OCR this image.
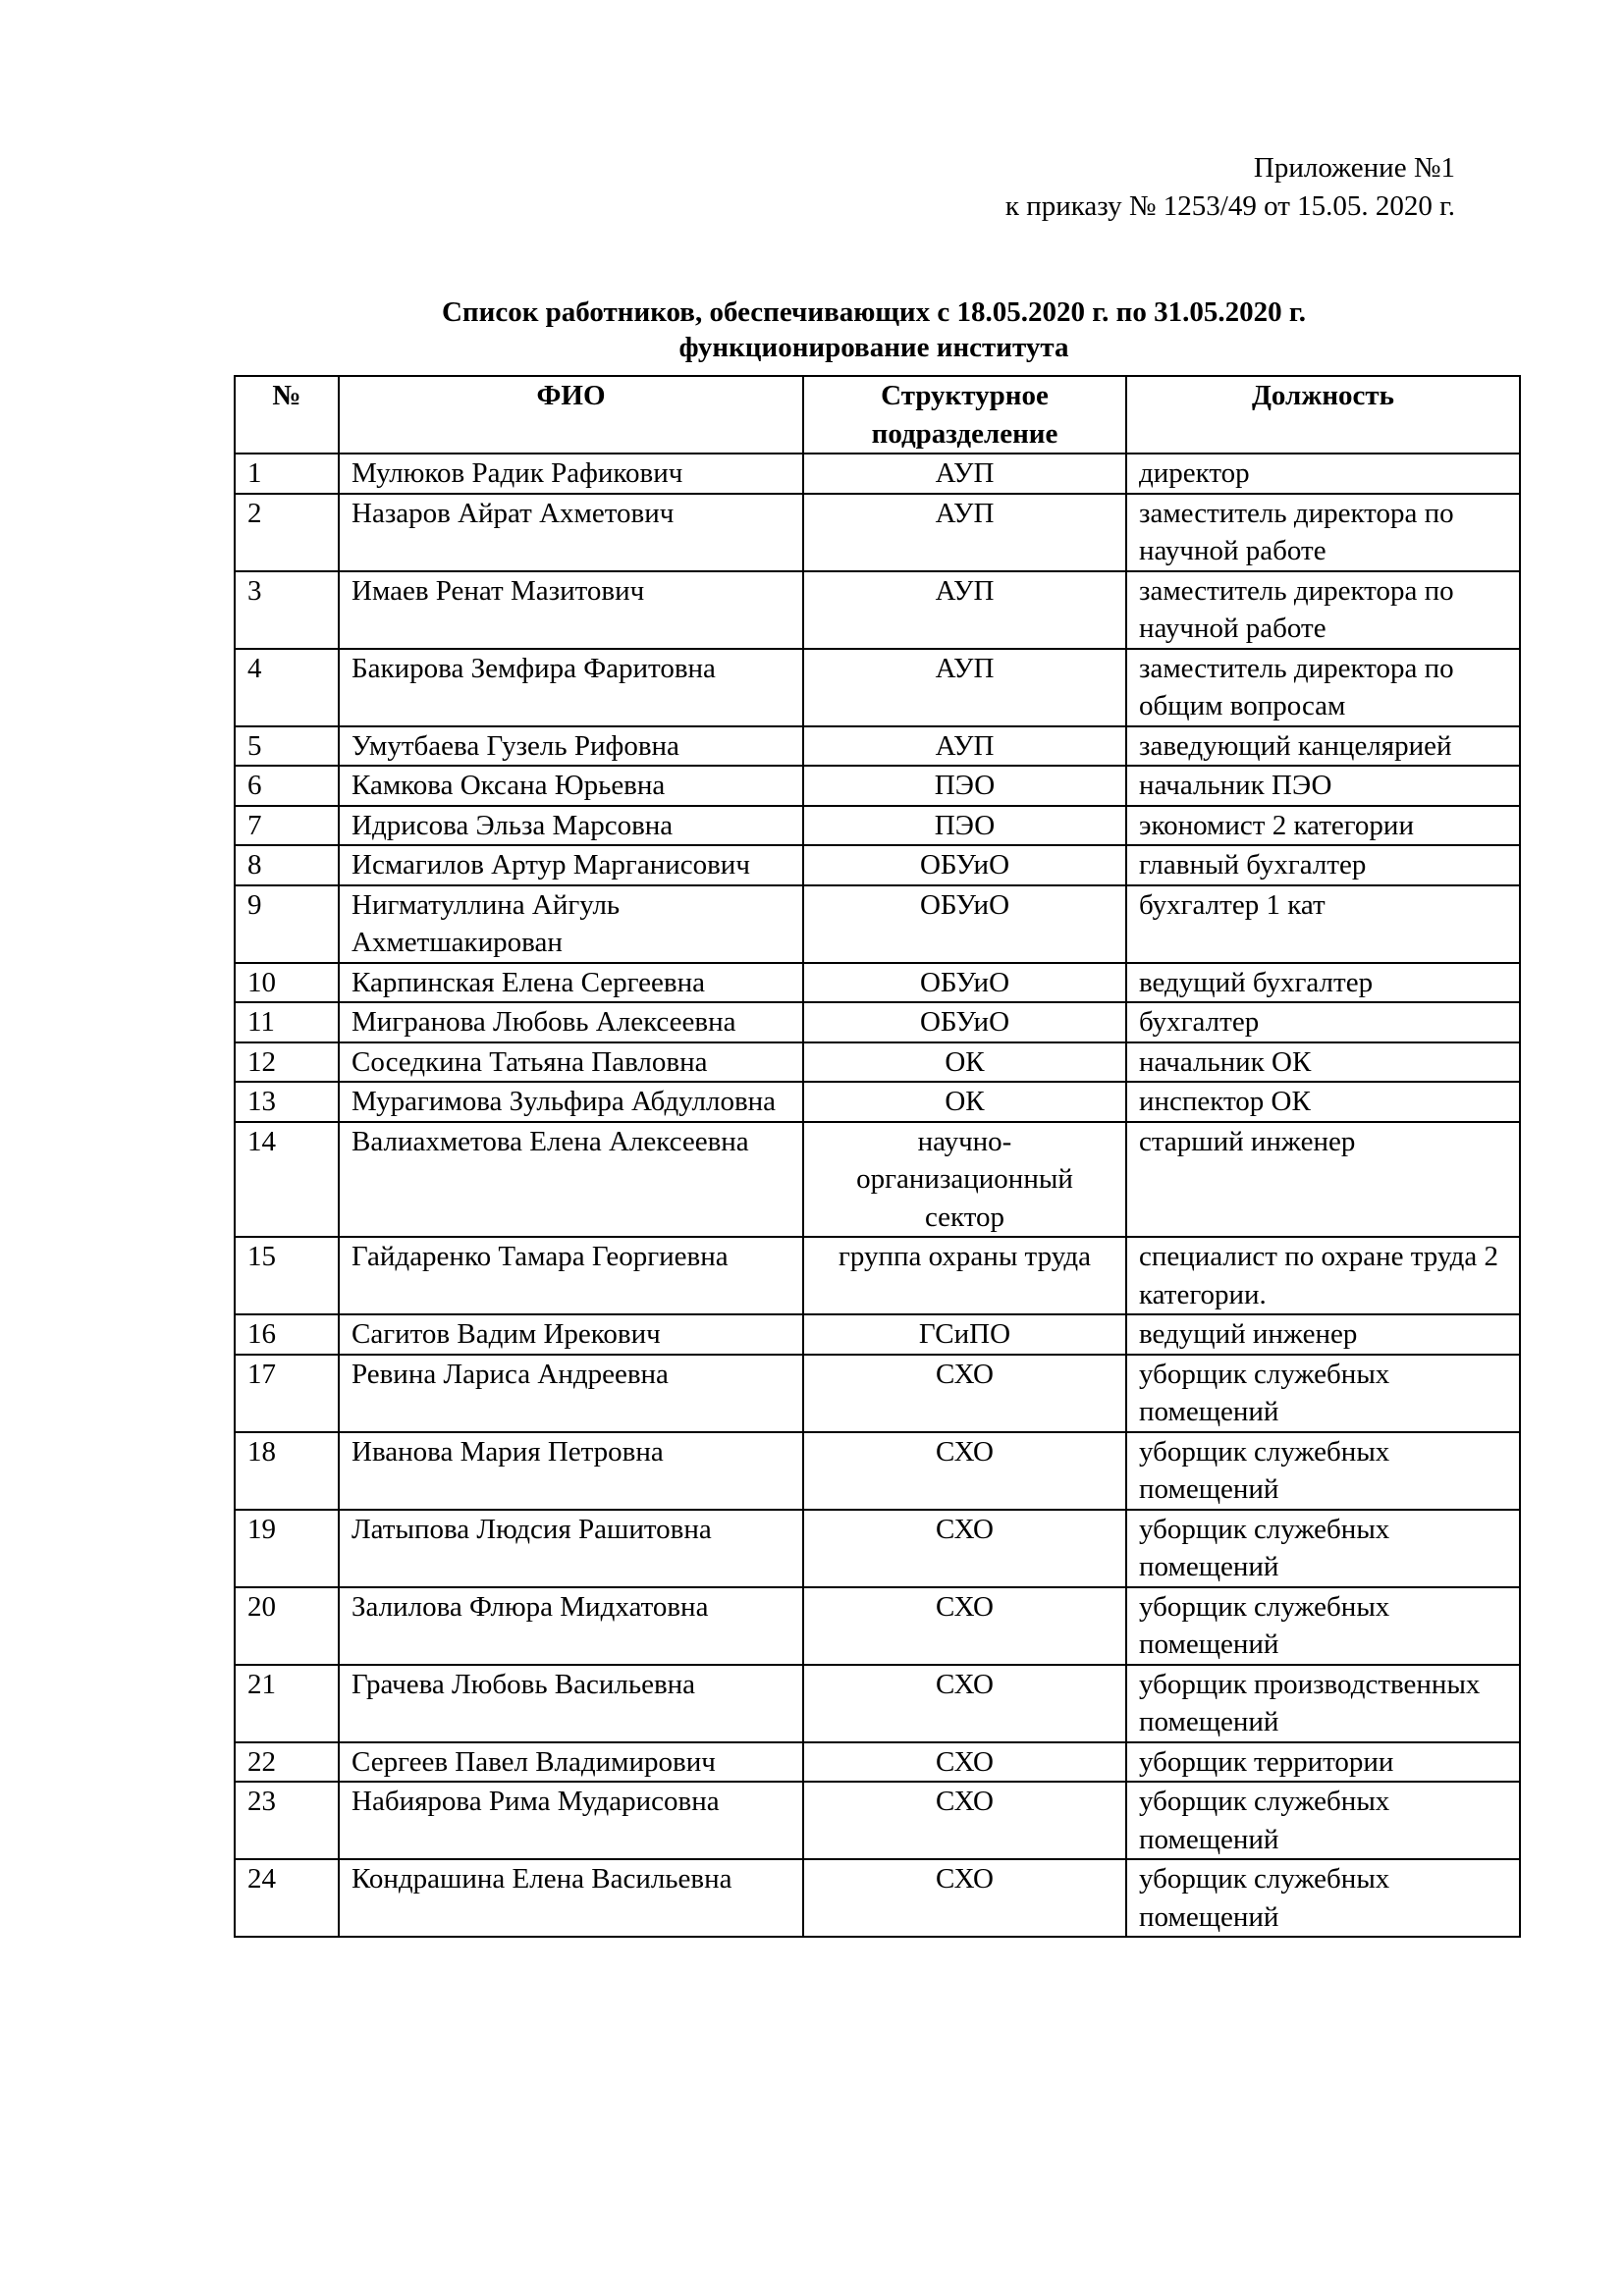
Приложение №1
к приказу № 1253/49 от 15.05. 2020 г.
Список работников, обеспечивающих с 18.05.2020 г. по 31.05.2020 г.
функционирование института
№	ФИО	Структурное подразделение	Должность
1	Мулюков Радик Рафикович	АУП	директор
2	Назаров Айрат Ахметович	АУП	заместитель директора по научной работе
3	Имаев Ренат Мазитович	АУП	заместитель директора по научной работе
4	Бакирова Земфира Фаритовна	АУП	заместитель директора по общим вопросам
5	Умутбаева Гузель Рифовна	АУП	заведующий канцелярией
6	Камкова Оксана Юрьевна	ПЭО	начальник ПЭО
7	Идрисова Эльза Марсовна	ПЭО	экономист 2 категории
8	Исмагилов Артур Марганисович	ОБУиО	главный бухгалтер
9	Нигматуллина Айгуль Ахметшакирован	ОБУиО	бухгалтер 1 кат
10	Карпинская Елена Сергеевна	ОБУиО	ведущий бухгалтер
11	Мигранова Любовь Алексеевна	ОБУиО	бухгалтер
12	Соседкина Татьяна Павловна	ОК	начальник ОК
13	Мурагимова Зульфира Абдулловна	ОК	инспектор ОК
14	Валиахметова Елена Алексеевна	научно-организационный сектор	старший инженер
15	Гайдаренко Тамара Георгиевна	группа охраны труда	специалист по охране труда 2 категории.
16	Сагитов Вадим Ирекович	ГСиПО	ведущий инженер
17	Ревина Лариса Андреевна	СХО	уборщик служебных помещений
18	Иванова Мария Петровна	СХО	уборщик служебных помещений
19	Латыпова Людсия Рашитовна	СХО	уборщик служебных помещений
20	Залилова Флюра Мидхатовна	СХО	уборщик служебных помещений
21	Грачева Любовь Васильевна	СХО	уборщик производственных помещений
22	Сергеев Павел Владимирович	СХО	уборщик территории
23	Набиярова Рима Мударисовна	СХО	уборщик служебных помещений
24	Кондрашина Елена Васильевна	СХО	уборщик служебных помещений
